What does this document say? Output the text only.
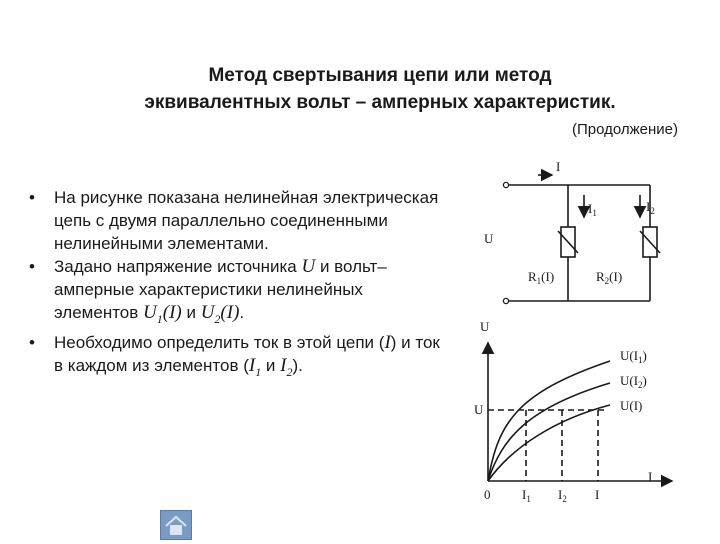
Метод свертывания цепи или метод
эквивалентных вольт – амперных характеристик.
(Продолжение)
• На рисунке показана нелинейная электрическая цепь с двумя параллельно соединенными нелинейными элементами.
• Задано напряжение источника U и вольт–амперные характеристики нелинейных элементов $U_1(I)$ и $U_2(I)$.
• Необходимо определить ток в этой цепи (I) и ток в каждом из элементов ($I_1$ и $I_2$).
I
$I_1$	$I_2$
U
$R_1(I)$	$R_2(I)$
U
U
0 $I_1$ $I_2$ I
I
$U(I_1)$
$U(I_2)$
U(I)
